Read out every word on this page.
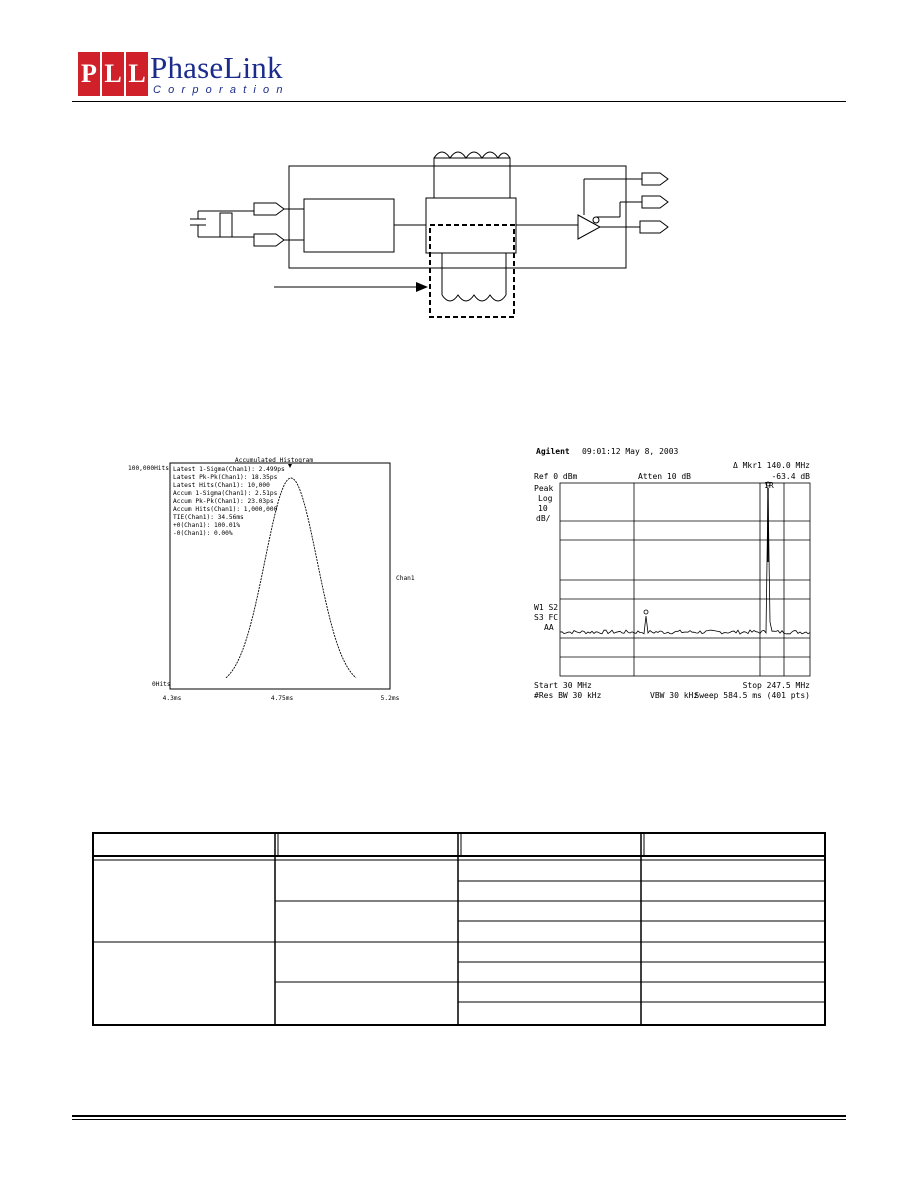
P L L PhaseLink
Corporation
Accumulated Histogram
100,000Hits
0Hits
Latest 1-Sigma(Chan1): 2.499ps
Latest Pk-Pk(Chan1): 18.35ps
Latest Hits(Chan1): 10,000
Accum 1-Sigma(Chan1): 2.51ps
Accum Pk-Pk(Chan1): 23.03ps
Accum Hits(Chan1): 1,000,000
TIE(Chan1): 34.56ms
+0(Chan1): 100.01%
-0(Chan1): 0.00%
Chan1
4.3ms	4.75ms	5.2ms
Agilent 09:01:12 May 8, 2003
Δ Mkr1 140.0 MHz
Ref 0 dBm	Atten 10 dB	-63.4 dB
Peak
Log
10
dB/
W1 S2
S3 FC
AA
1R
Start 30 MHz	Stop 247.5 MHz
#Res BW 30 kHz	VBW 30 kHz
Sweep 584.5 ms (401 pts)
